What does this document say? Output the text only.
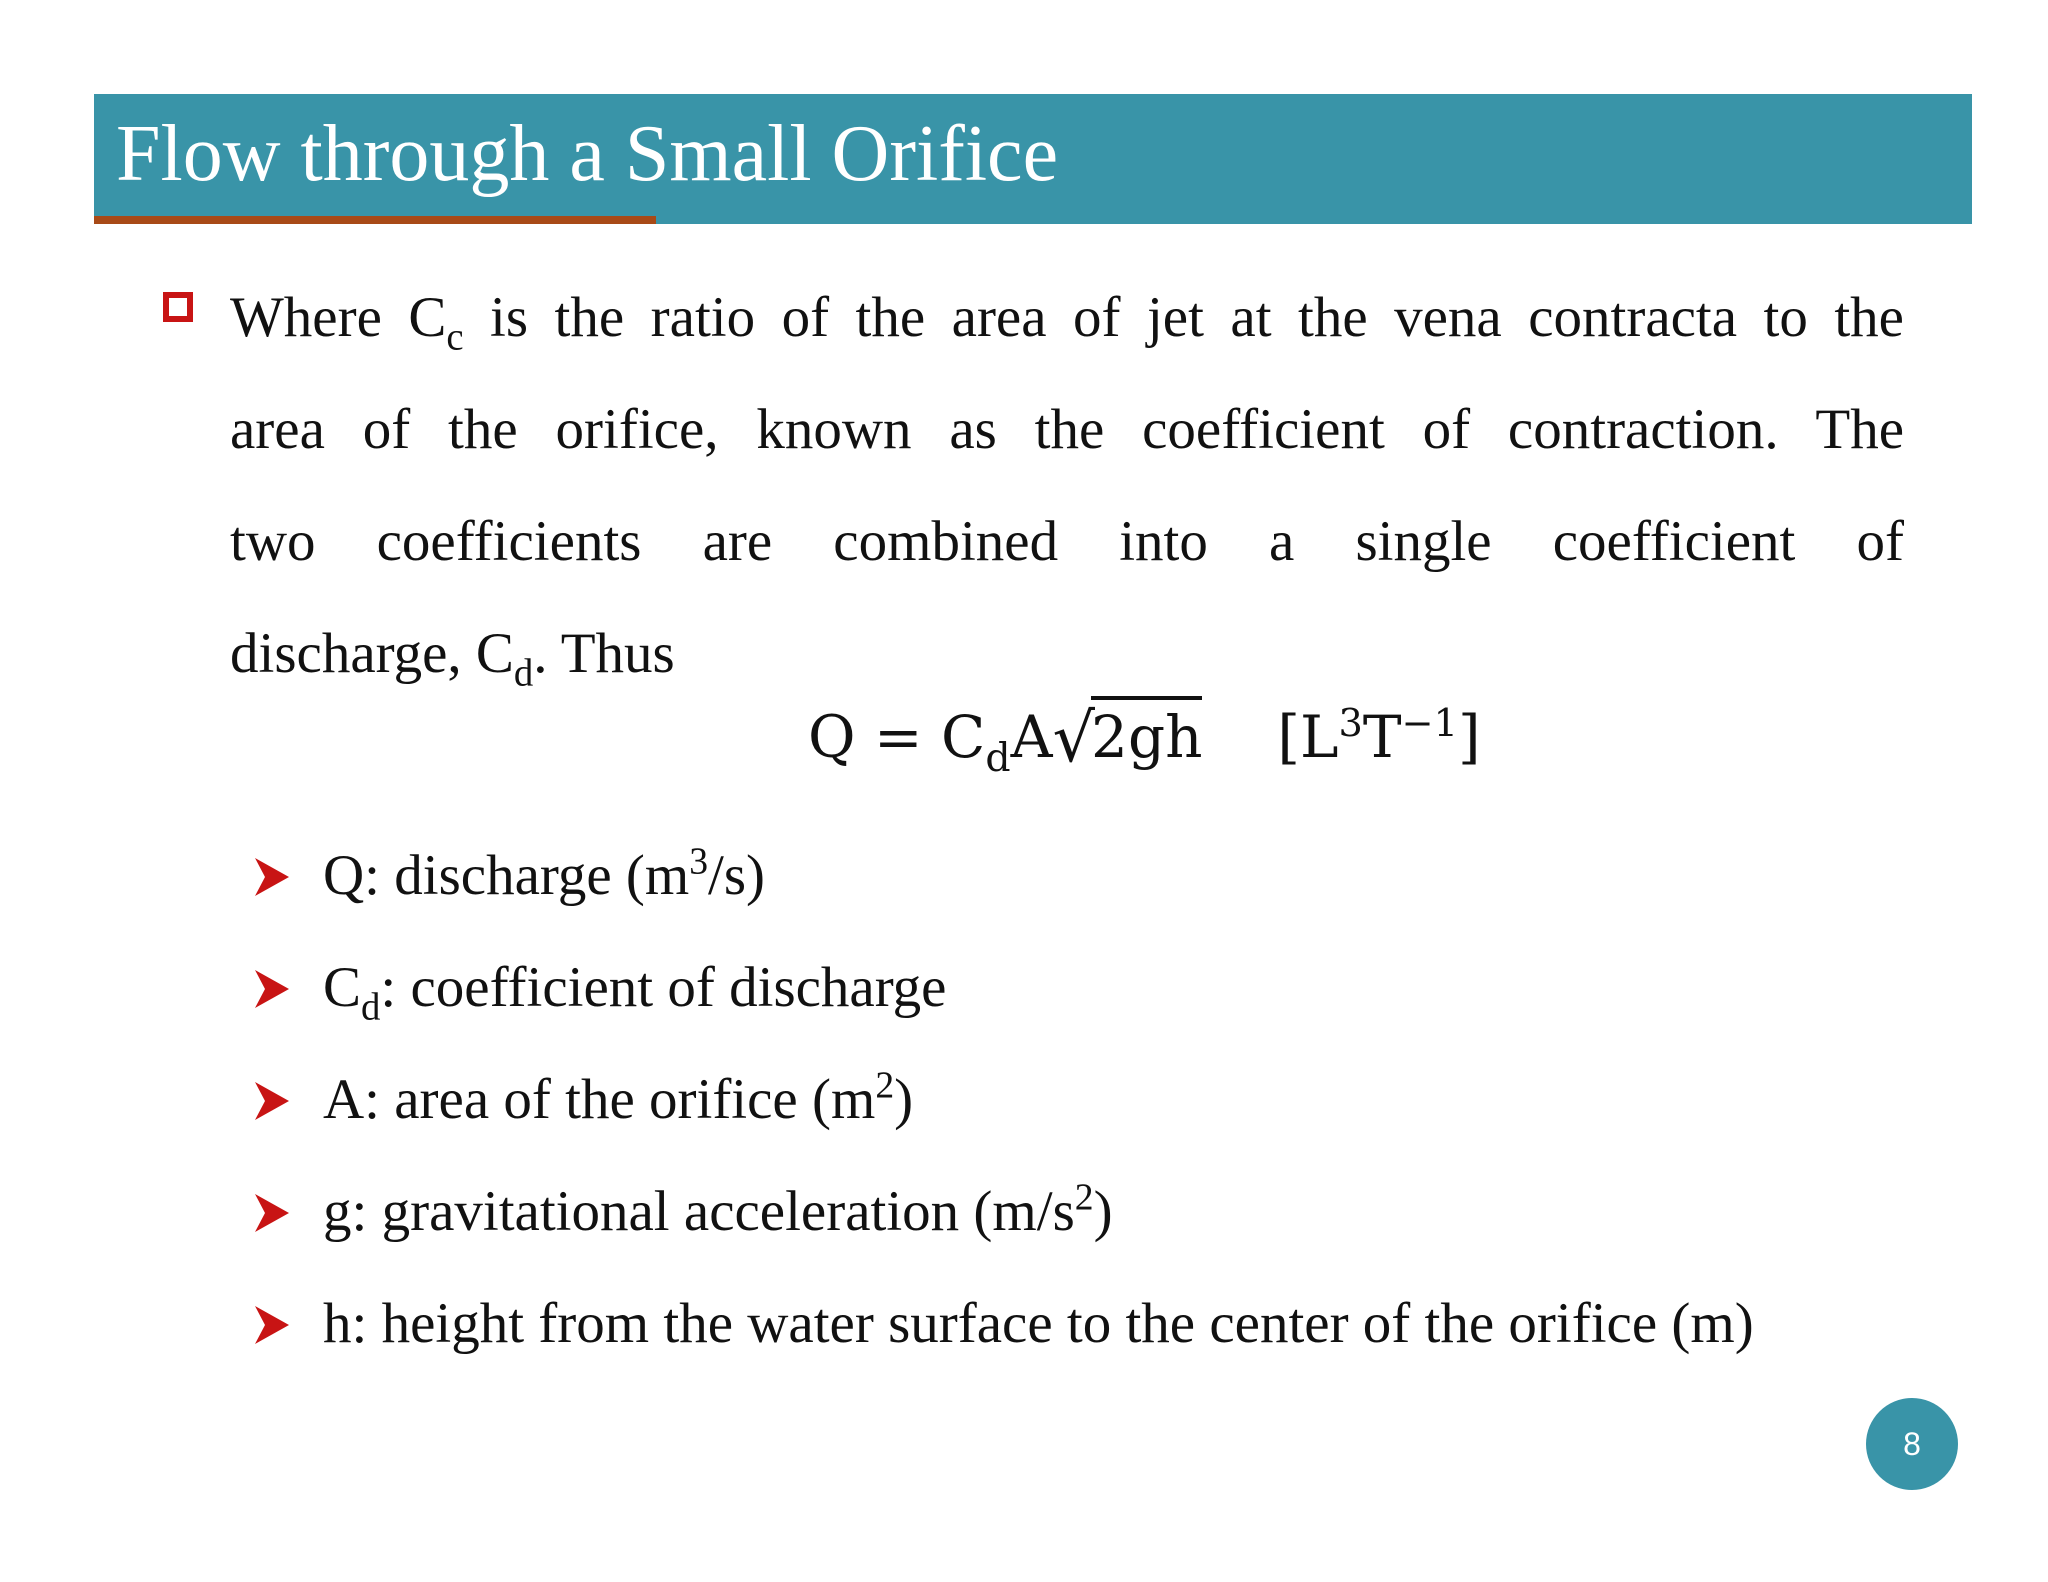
Flow through a Small Orifice
Where $C_c$ is the ratio of the area of jet at the vena contracta to the
area of the orifice, known as the coefficient of contraction. The
two coefficients are combined into a single coefficient of
discharge, $C_d$. Thus
$Q = C_dA√2gh$ $[L^3T^{-1}]$
Q: discharge $(m^3/s)$
$C_d$: coefficient of discharge
A: area of the orifice $(m^2)$
g: gravitational acceleration $(m/s^2)$
h: height from the water surface to the center of the orifice (m)
8
